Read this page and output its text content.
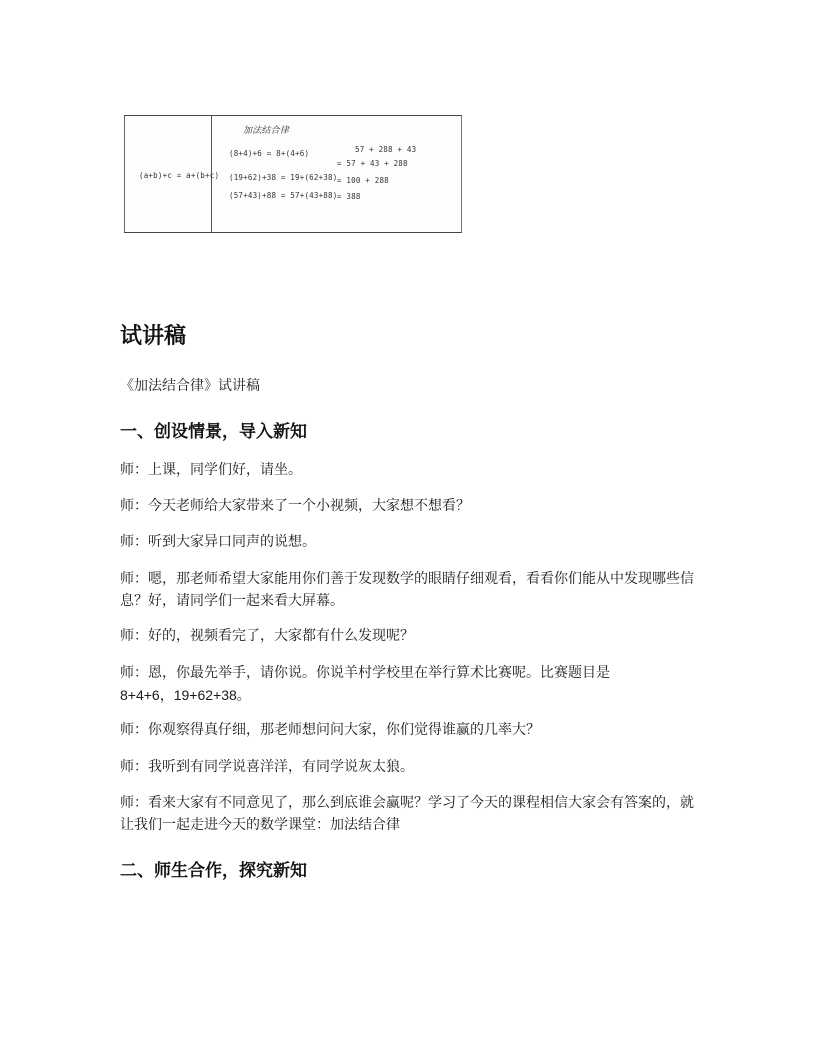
加法结合律
(a+b)+c = a+(b+c)
(8+4)+6 = 8+(4+6)
(19+62)+38 = 19+(62+38)
(57+43)+88 = 57+(43+88)
57 + 288 + 43
= 57 + 43 + 288
= 100 + 288
= 388
试讲稿
《加法结合律》试讲稿
一、创设情景，导入新知

师：上课，同学们好，请坐。

师：今天老师给大家带来了一个小视频，大家想不想看？

师：听到大家异口同声的说想。

师：嗯，那老师希望大家能用你们善于发现数学的眼睛仔细观看，看看你们能从中发现哪些信息？好，请同学们一起来看大屏幕。

师：好的，视频看完了，大家都有什么发现呢？

师：恩，你最先举手，请你说。你说羊村学校里在举行算术比赛呢。比赛题目是

8+4+6，19+62+38。

师：你观察得真仔细，那老师想问问大家，你们觉得谁赢的几率大？

师：我听到有同学说喜洋洋，有同学说灰太狼。

师：看来大家有不同意见了，那么到底谁会赢呢？学习了今天的课程相信大家会有答案的，就让我们一起走进今天的数学课堂：加法结合律

二、师生合作，探究新知
